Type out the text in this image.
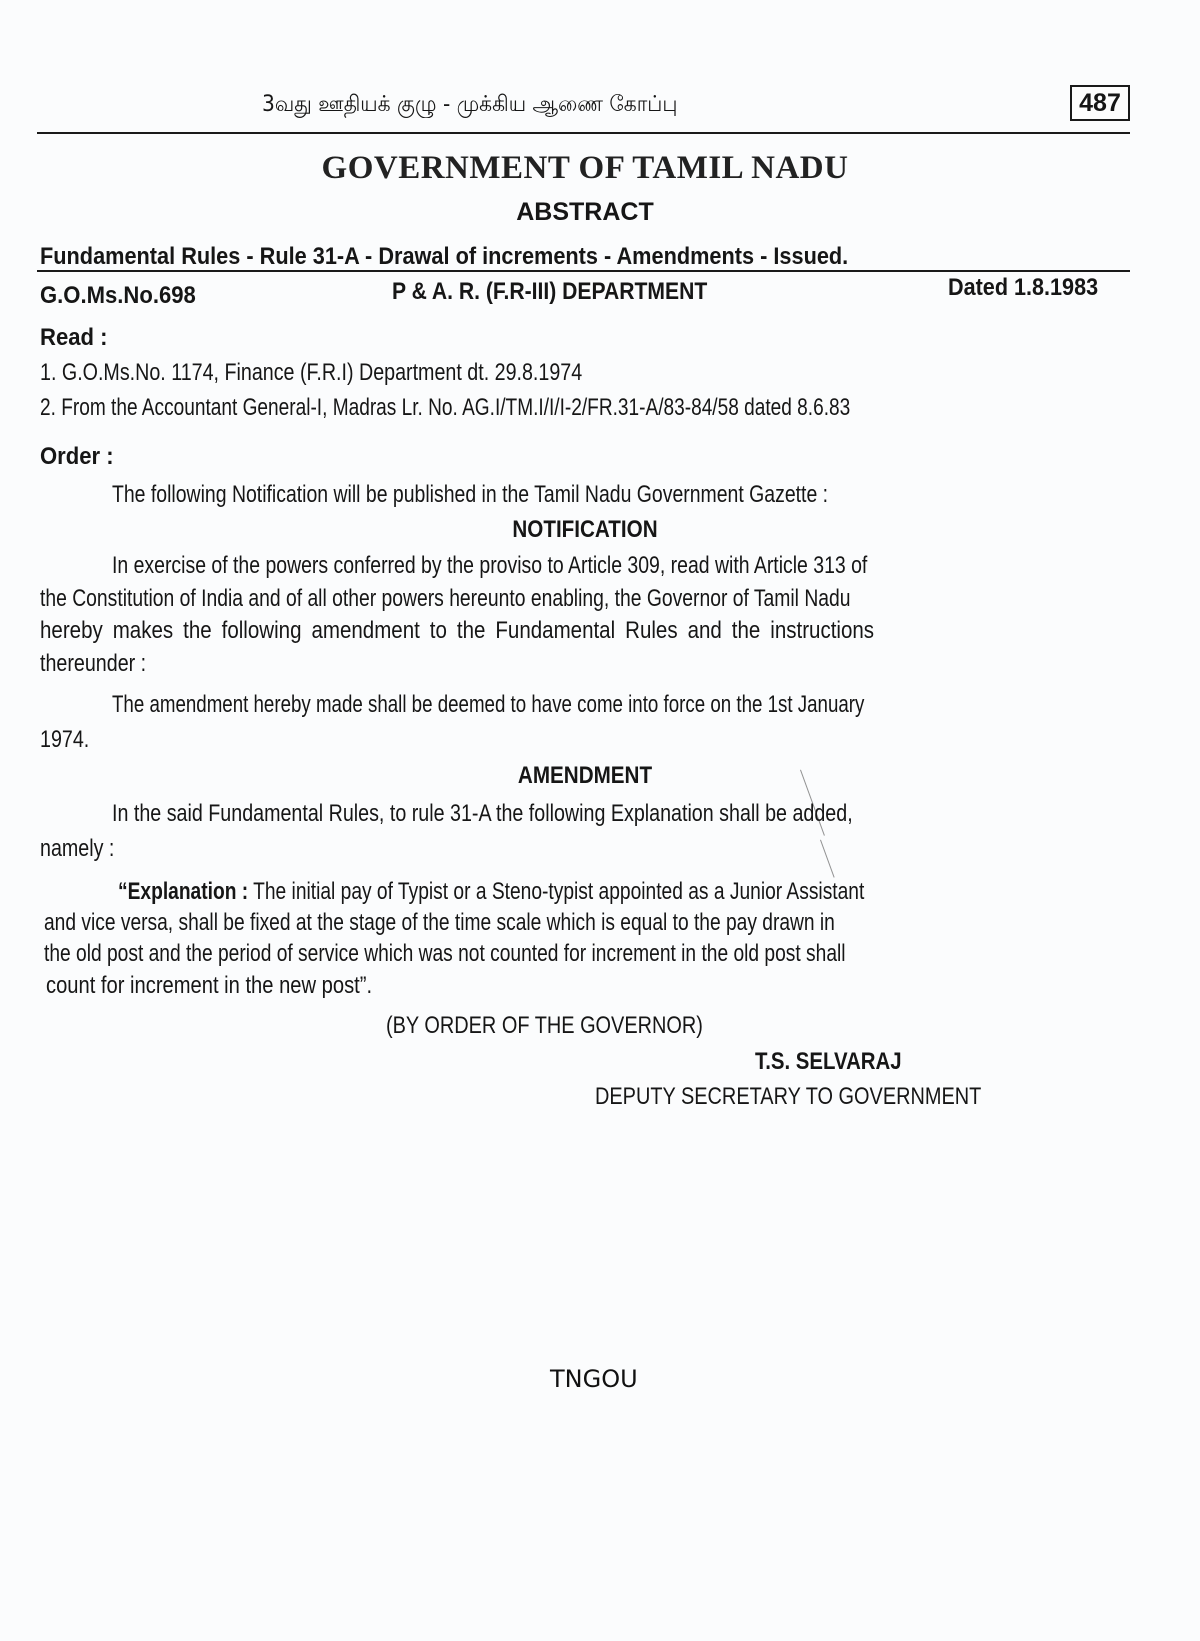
3வது ஊதியக் குழு - முக்கிய ஆணை கோப்பு	487
GOVERNMENT OF TAMIL NADU
ABSTRACT
Fundamental Rules - Rule 31-A - Drawal of increments - Amendments - Issued.
G.O.Ms.No.698	P & A. R. (F.R-III) DEPARTMENT	Dated 1.8.1983
Read :
1. G.O.Ms.No. 1174, Finance (F.R.I) Department dt. 29.8.1974
2. From the Accountant General-I, Madras Lr. No. AG.I/TM.I/I/I-2/FR.31-A/83-84/58 dated 8.6.83
Order :
The following Notification will be published in the Tamil Nadu Government Gazette :
NOTIFICATION
In exercise of the powers conferred by the proviso to Article 309, read with Article 313 of
the Constitution of India and of all other powers hereunto enabling, the Governor of Tamil Nadu
hereby makes the following amendment to the Fundamental Rules and the instructions
thereunder :
The amendment hereby made shall be deemed to have come into force on the 1st January
1974.
AMENDMENT
In the said Fundamental Rules, to rule 31-A the following Explanation shall be added,
namely :
“Explanation : The initial pay of Typist or a Steno-typist appointed as a Junior Assistant
and vice versa, shall be fixed at the stage of the time scale which is equal to the pay drawn in
the old post and the period of service which was not counted for increment in the old post shall
count for increment in the new post”.
(BY ORDER OF THE GOVERNOR)
T.S. SELVARAJ
DEPUTY SECRETARY TO GOVERNMENT
TNGOU
